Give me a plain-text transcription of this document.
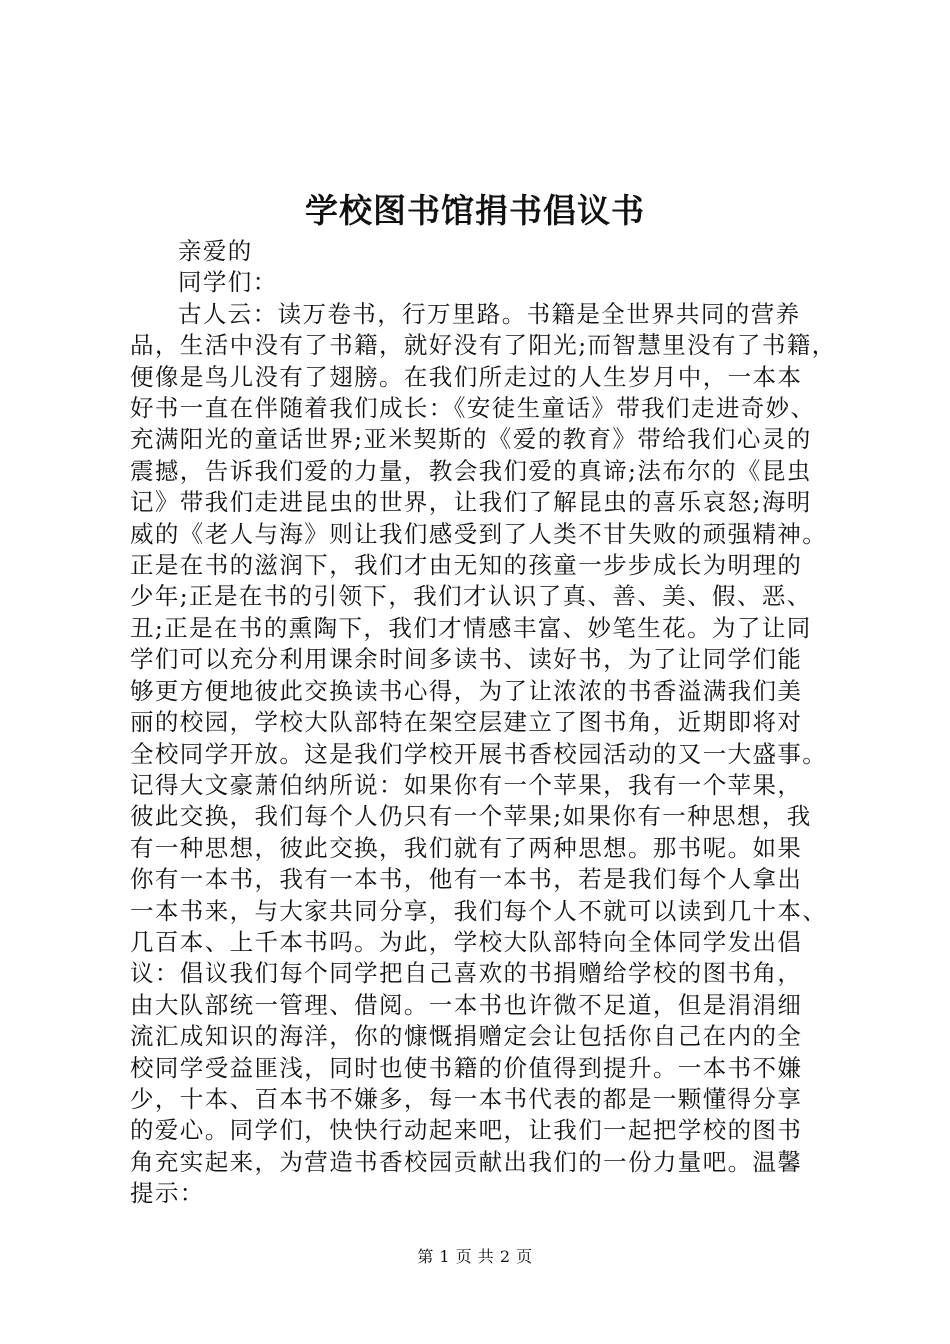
学校图书馆捐书倡议书
亲爱的
同学们：
古人云：读万卷书，行万里路。书籍是全世界共同的营养
品，生活中没有了书籍，就好没有了阳光;而智慧里没有了书籍，
便像是鸟儿没有了翅膀。在我们所走过的人生岁月中，一本本
好书一直在伴随着我们成长：《安徒生童话》带我们走进奇妙、
充满阳光的童话世界;亚米契斯的《爱的教育》带给我们心灵的
震撼，告诉我们爱的力量，教会我们爱的真谛;法布尔的《昆虫
记》带我们走进昆虫的世界，让我们了解昆虫的喜乐哀怒;海明
威的《老人与海》则让我们感受到了人类不甘失败的顽强精神。
正是在书的滋润下，我们才由无知的孩童一步步成长为明理的
少年;正是在书的引领下，我们才认识了真、善、美、假、恶、
丑;正是在书的熏陶下，我们才情感丰富、妙笔生花。为了让同
学们可以充分利用课余时间多读书、读好书，为了让同学们能
够更方便地彼此交换读书心得，为了让浓浓的书香溢满我们美
丽的校园，学校大队部特在架空层建立了图书角，近期即将对
全校同学开放。这是我们学校开展书香校园活动的又一大盛事。
记得大文豪萧伯纳所说：如果你有一个苹果，我有一个苹果，
彼此交换，我们每个人仍只有一个苹果;如果你有一种思想，我
有一种思想，彼此交换，我们就有了两种思想。那书呢。如果
你有一本书，我有一本书，他有一本书，若是我们每个人拿出
一本书来，与大家共同分享，我们每个人不就可以读到几十本、
几百本、上千本书吗。为此，学校大队部特向全体同学发出倡
议：倡议我们每个同学把自己喜欢的书捐赠给学校的图书角，
由大队部统一管理、借阅。一本书也许微不足道，但是涓涓细
流汇成知识的海洋，你的慷慨捐赠定会让包括你自己在内的全
校同学受益匪浅，同时也使书籍的价值得到提升。一本书不嫌
少，十本、百本书不嫌多，每一本书代表的都是一颗懂得分享
的爱心。同学们，快快行动起来吧，让我们一起把学校的图书
角充实起来，为营造书香校园贡献出我们的一份力量吧。温馨
提示：
第 1 页 共 2 页
